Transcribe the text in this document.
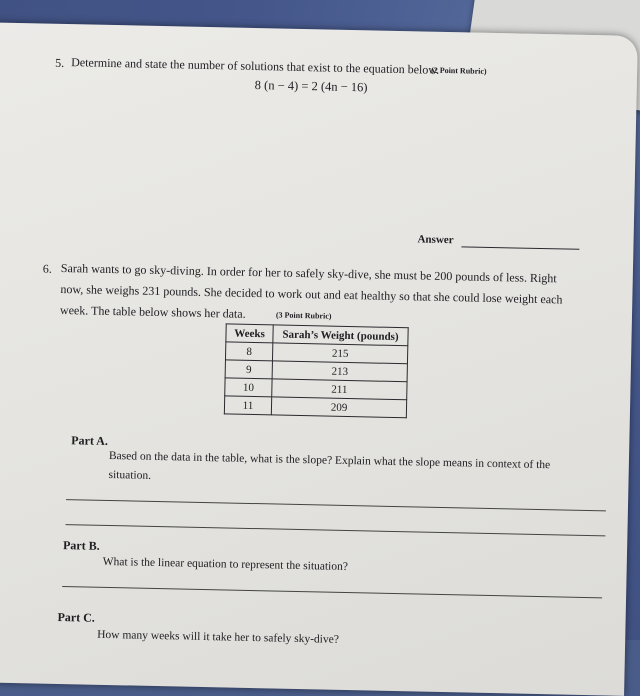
5. Determine and state the number of solutions that exist to the equation below.
(2 Point Rubric)
8 (n − 4) = 2 (4n − 16)
Answer
6. Sarah wants to go sky-diving. In order for her to safely sky-dive, she must be 200 pounds of less. Right
now, she weighs 231 pounds. She decided to work out and eat healthy so that she could lose weight each
week. The table below shows her data.	(3 Point Rubric)
Weeks	Sarah’s Weight (pounds)
8	215
9	213
10	211
11	209
Part A.
Based on the data in the table, what is the slope? Explain what the slope means in context of the
situation.
Part B.
What is the linear equation to represent the situation?
Part C.
How many weeks will it take her to safely sky-dive?
